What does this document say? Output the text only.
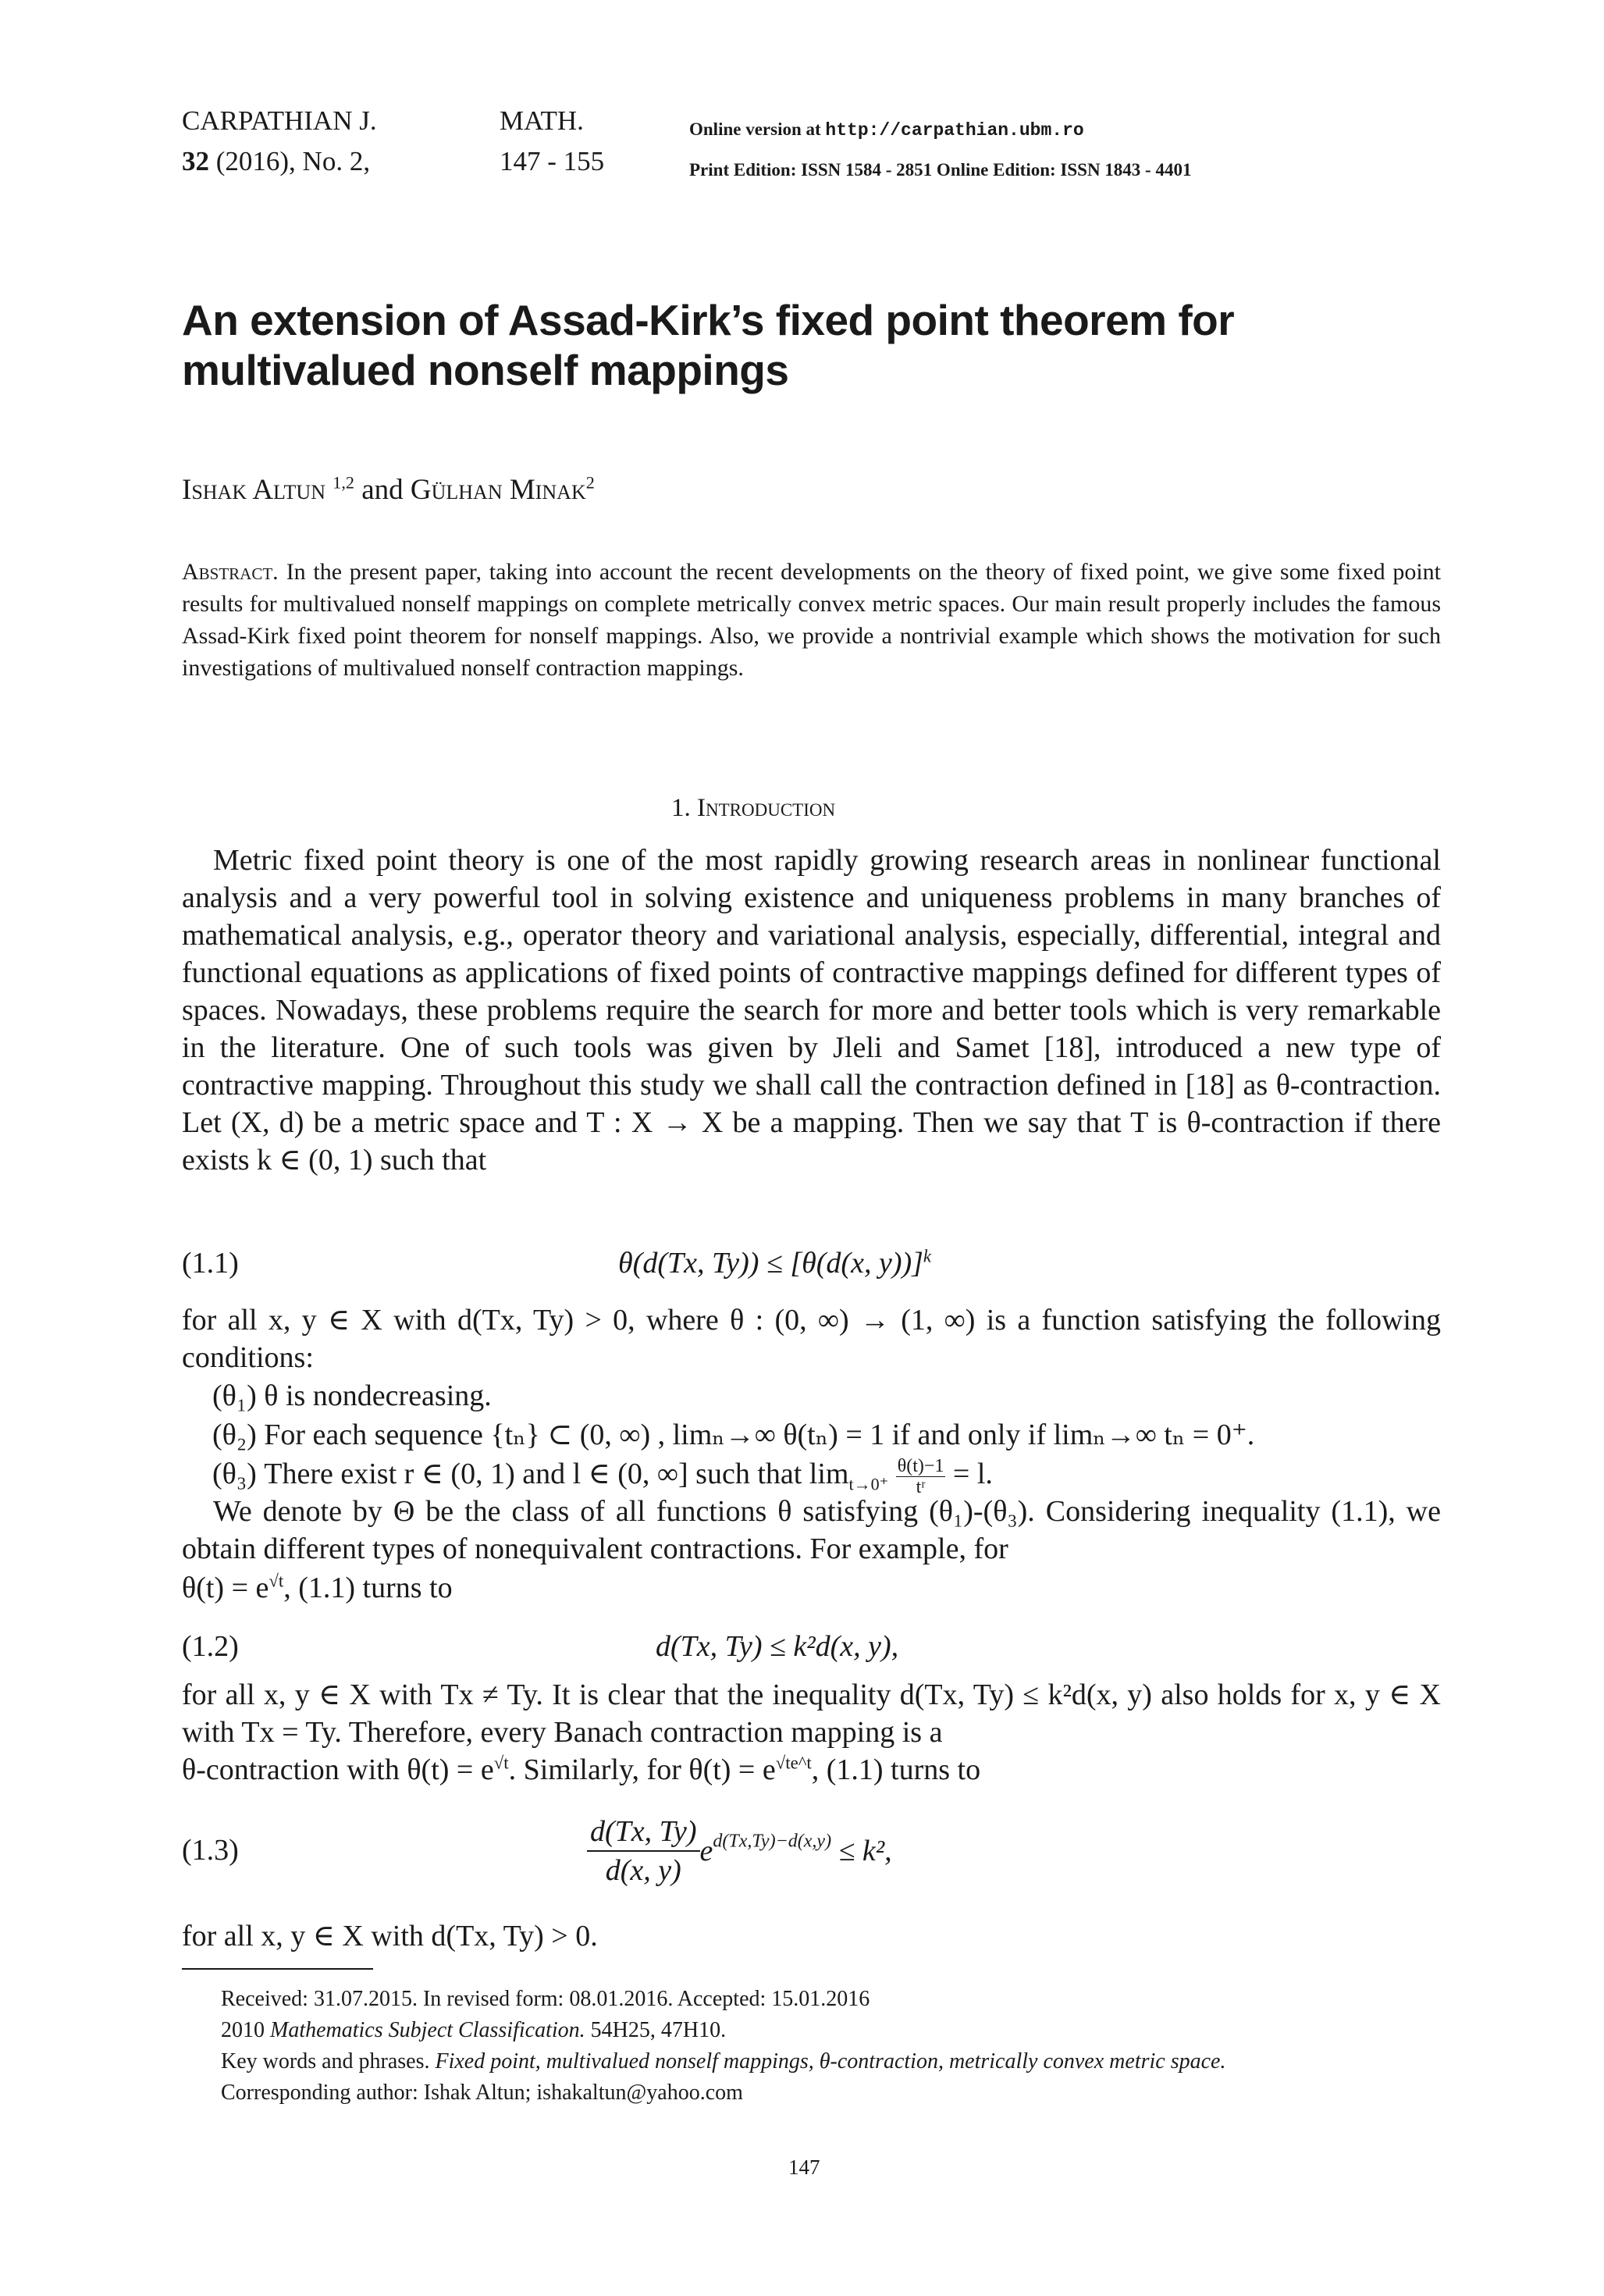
CARPATHIAN J.	MATH.
32 (2016), No. 2,	147 - 155
Online version at http://carpathian.ubm.ro
Print Edition: ISSN 1584 - 2851 Online Edition: ISSN 1843 - 4401
An extension of Assad-Kirk’s fixed point theorem for
multivalued nonself mappings
Ishak Altun $^{1,2}$ and Gülhan Minak$^2$
Abstract. In the present paper, taking into account the recent developments on the theory of fixed point, we give some fixed point results for multivalued nonself mappings on complete metrically convex metric spaces. Our main result properly includes the famous Assad-Kirk fixed point theorem for nonself mappings. Also, we provide a nontrivial example which shows the motivation for such investigations of multivalued nonself contraction mappings.
1. Introduction
Metric fixed point theory is one of the most rapidly growing research areas in nonlinear functional analysis and a very powerful tool in solving existence and uniqueness problems in many branches of mathematical analysis, e.g., operator theory and variational analysis, especially, differential, integral and functional equations as applications of fixed points of contractive mappings defined for different types of spaces. Nowadays, these problems require the search for more and better tools which is very remarkable in the literature. One of such tools was given by Jleli and Samet [18], introduced a new type of contractive mapping. Throughout this study we shall call the contraction defined in [18] as θ-contraction. Let (X, d) be a metric space and T : X → X be a mapping. Then we say that T is θ-contraction if there exists k ∈ (0, 1) such that
(1.1)	θ(d(Tx, Ty)) ≤ [θ(d(x, y))]$^k$
for all x, y ∈ X with d(Tx, Ty) > 0, where θ : (0, ∞) → (1, ∞) is a function satisfying the following conditions:
(θ₁) θ is nondecreasing.
(θ₂) For each sequence {tₙ} ⊂ (0, ∞) , limₙ→∞ θ(tₙ) = 1 if and only if limₙ→∞ tₙ = 0⁺.
(θ₃) There exist r ∈ (0, 1) and l ∈ (0, ∞] such that $\lim_{t\to 0^+} \frac{\theta(t)-1}{\text{tʳ}} = l$.
We denote by Θ be the class of all functions θ satisfying (θ₁)-(θ₃). Considering inequality (1.1), we obtain different types of nonequivalent contractions. For example, for
$\theta(t) = e^{√t}$, (1.1) turns to
(1.2)	d(Tx, Ty) ≤ k²d(x, y),
for all x, y ∈ X with Tx ≠ Ty. It is clear that the inequality d(Tx, Ty) ≤ k²d(x, y) also holds for x, y ∈ X with Tx = Ty. Therefore, every Banach contraction mapping is a
θ-contraction with $\theta(t) = e^{√t}$. Similarly, for $\theta(t) = e^{√te\^{}t}$, (1.1) turns to
(1.3)	$\frac{d(Tx, Ty)}{d(x, y)} e^{d(Tx,Ty)-d(x,y)} \le k^2$,
for all x, y ∈ X with d(Tx, Ty) > 0.
Received: 31.07.2015. In revised form: 08.01.2016. Accepted: 15.01.2016
2010 Mathematics Subject Classification. 54H25, 47H10.
Key words and phrases. Fixed point, multivalued nonself mappings, θ-contraction, metrically convex metric space.
Corresponding author: Ishak Altun; ishakaltun@yahoo.com
147
